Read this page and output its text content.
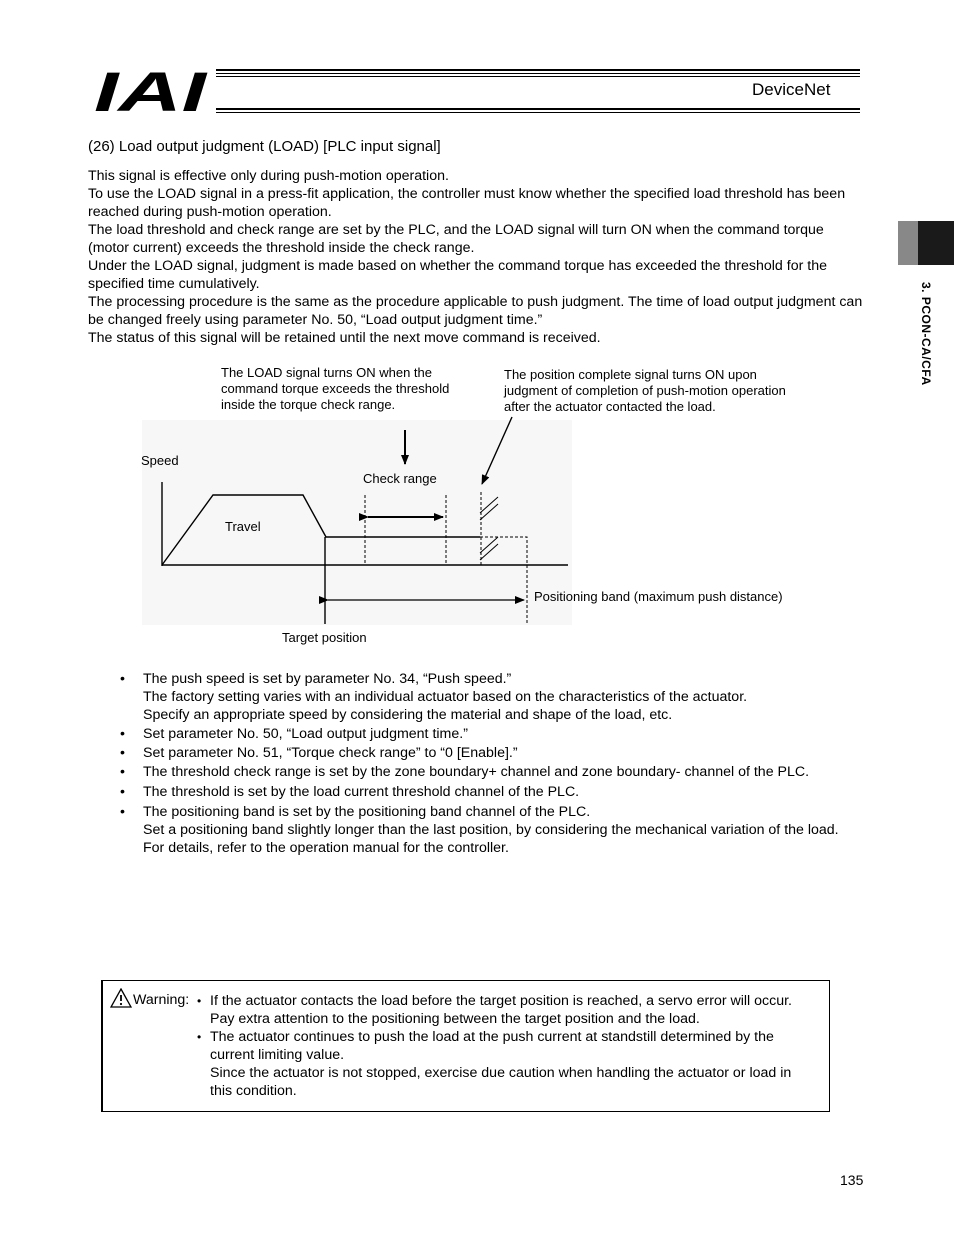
IAI	DeviceNet
3. PCON-CA/CFA
(26) Load output judgment (LOAD) [PLC input signal]

This signal is effective only during push-motion operation.

To use the LOAD signal in a press-fit application, the controller must know whether the specified load threshold has been reached during push-motion operation.

The load threshold and check range are set by the PLC, and the LOAD signal will turn ON when the command torque (motor current) exceeds the threshold inside the check range.

Under the LOAD signal, judgment is made based on whether the command torque has exceeded the threshold for the specified time cumulatively.

The processing procedure is the same as the procedure applicable to push judgment. The time of load output judgment can be changed freely using parameter No. 50, “Load output judgment time.”

The status of this signal will be retained until the next move command is received.

The LOAD signal turns ON when the
command torque exceeds the threshold
inside the torque check range.
The position complete signal turns ON upon
judgment of completion of push-motion operation
after the actuator contacted the load.
Speed
Check range
Travel
Positioning band (maximum push distance)
Target position
• The push speed is set by parameter No. 34, “Push speed.”

The factory setting varies with an individual actuator based on the characteristics of the actuator.

Specify an appropriate speed by considering the material and shape of the load, etc.

• Set parameter No. 50, “Load output judgment time.”

• Set parameter No. 51, “Torque check range” to “0 [Enable].”

• The threshold check range is set by the zone boundary+ channel and zone boundary- channel of the PLC.

• The threshold is set by the load current threshold channel of the PLC.

• The positioning band is set by the positioning band channel of the PLC.

Set a positioning band slightly longer than the last position, by considering the mechanical variation of the load.

For details, refer to the operation manual for the controller.

Warning: • If the actuator contacts the load before the target position is reached, a servo error will occur. Pay extra attention to the positioning between the target position and the load.

• The actuator continues to push the load at the push current at standstill determined by the current limiting value.

Since the actuator is not stopped, exercise due caution when handling the actuator or load in this condition.

135
